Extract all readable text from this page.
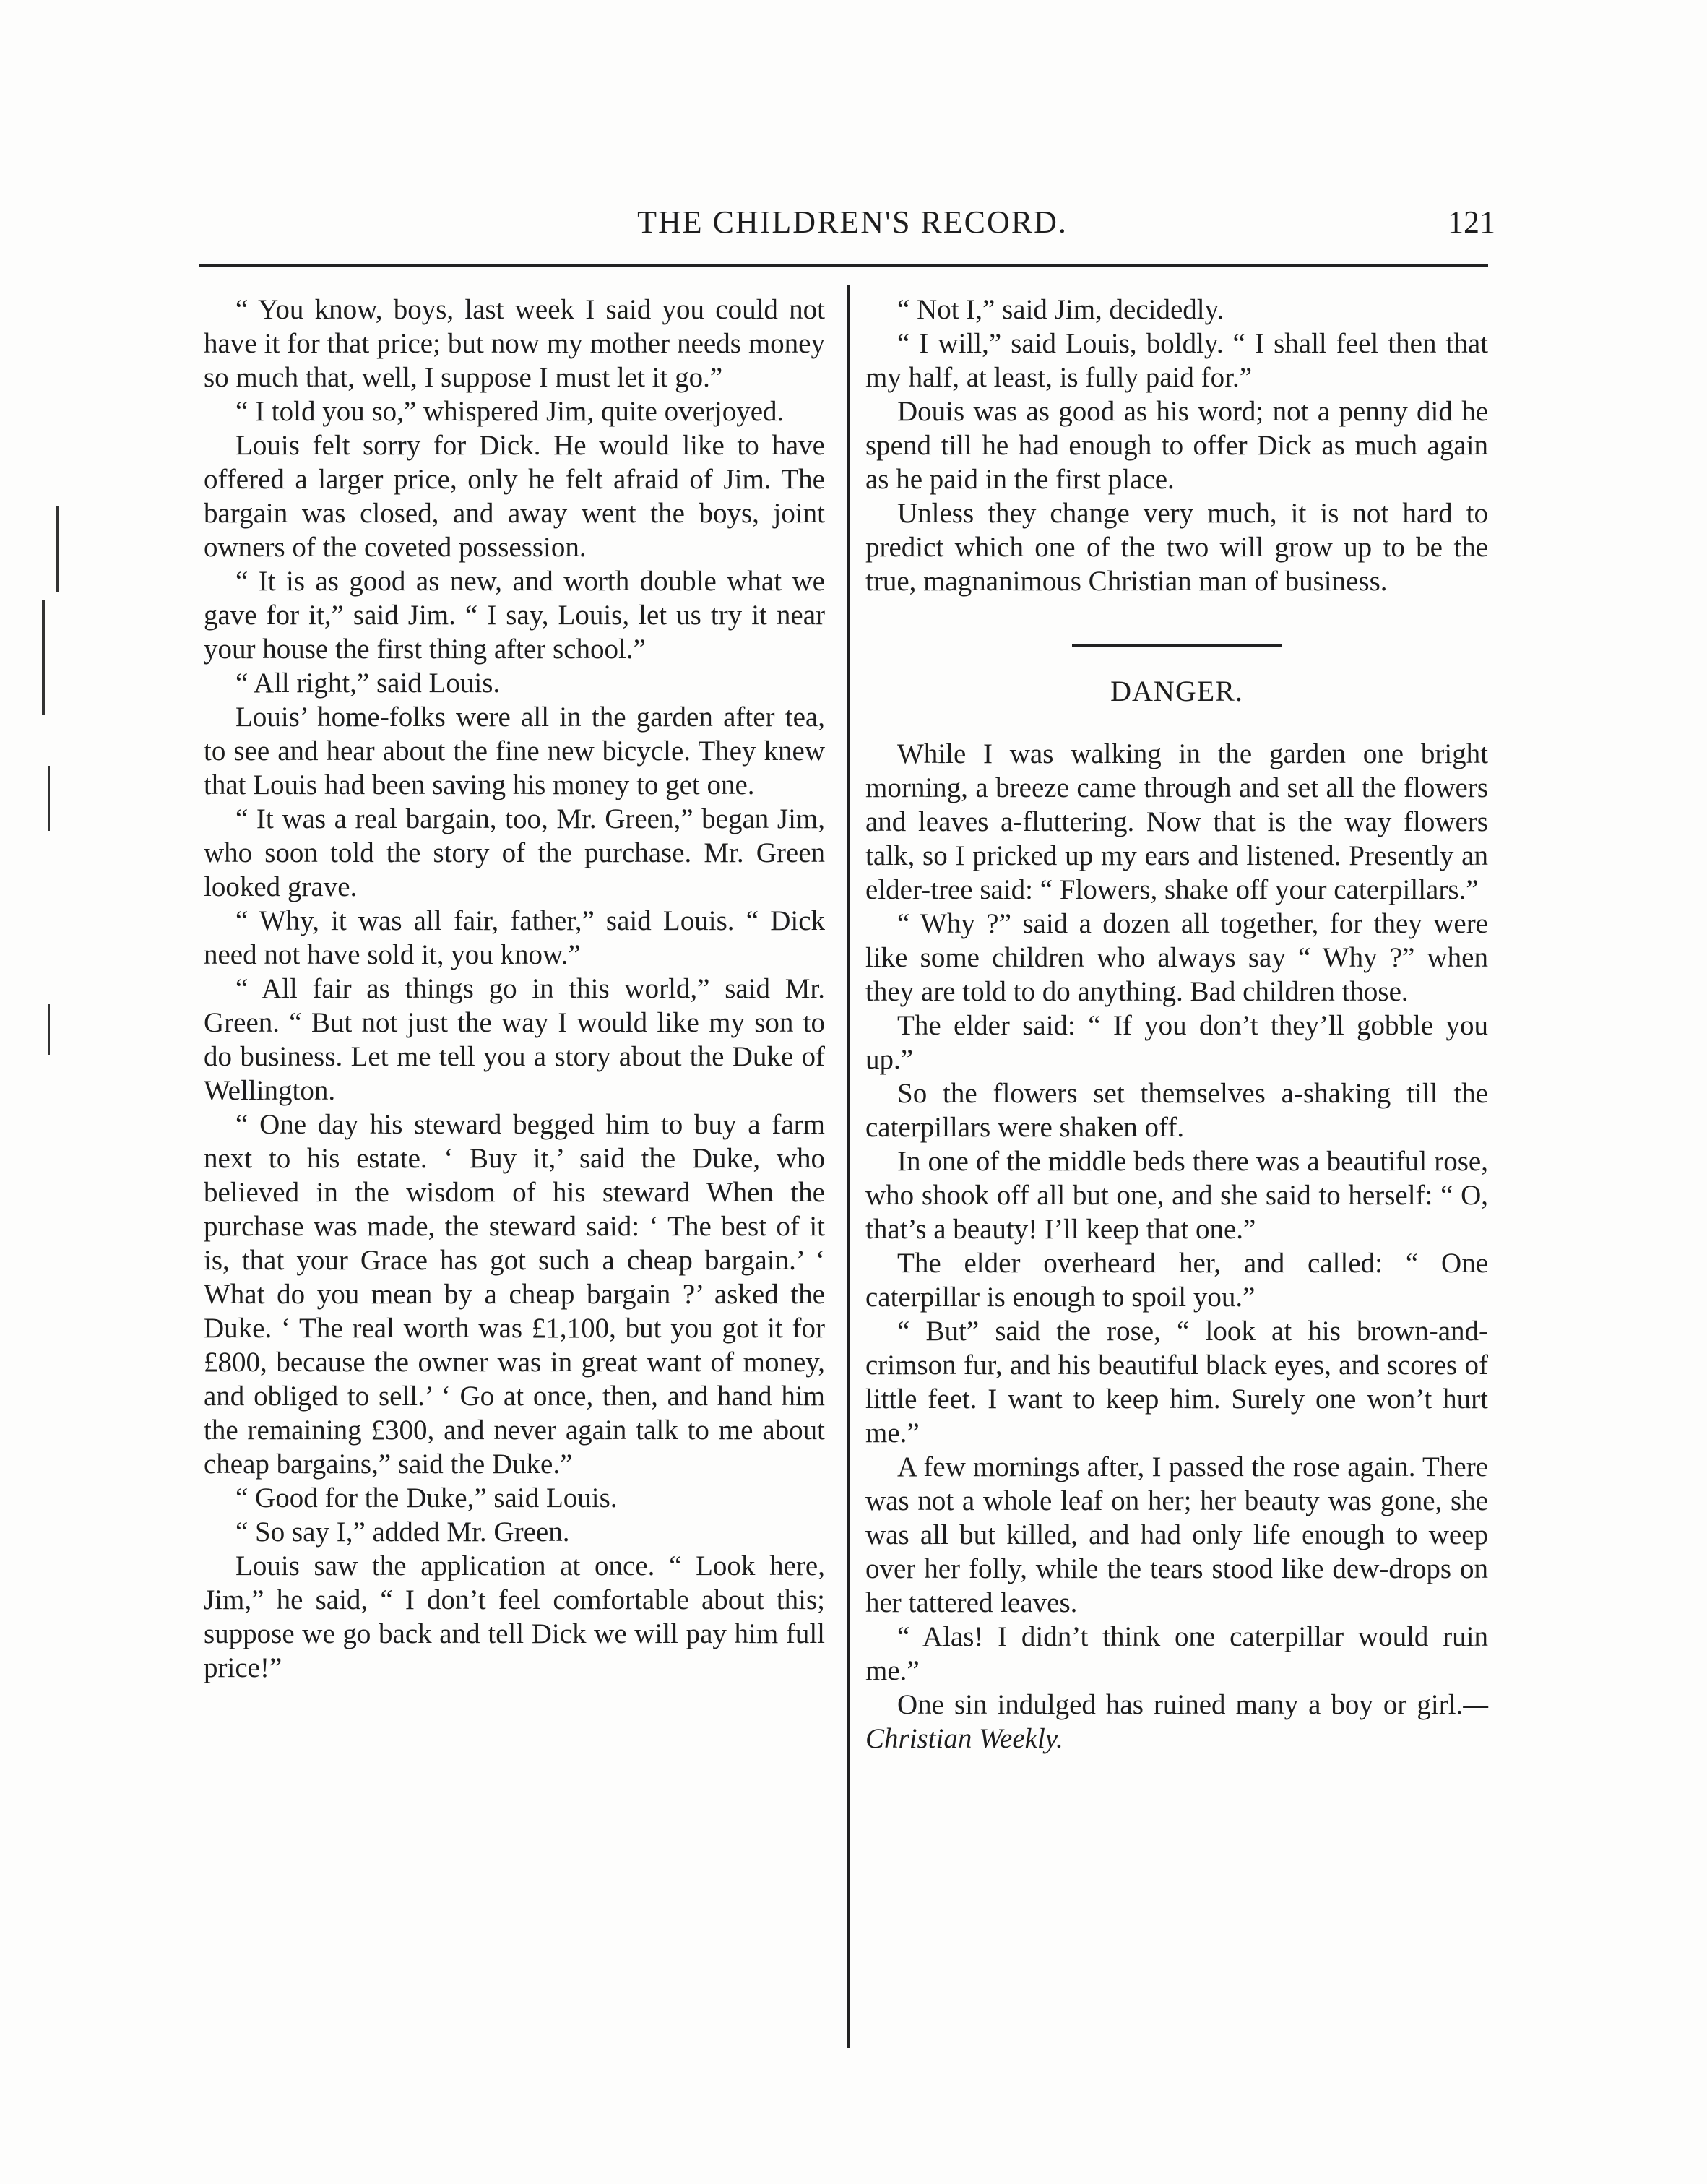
THE CHILDREN'S RECORD.	121

“ You know, boys, last week I said you could not have it for that price; but now my mother needs money so much that, well, I suppose I must let it go.”

“ I told you so,” whispered Jim, quite overjoyed.

Louis felt sorry for Dick. He would like to have offered a larger price, only he felt afraid of Jim. The bargain was closed, and away went the boys, joint owners of the coveted possession.

“ It is as good as new, and worth double what we gave for it,” said Jim. “ I say, Louis, let us try it near your house the first thing after school.”

“ All right,” said Louis.

Louis’ home-folks were all in the garden after tea, to see and hear about the fine new bicycle. They knew that Louis had been saving his money to get one.

“ It was a real bargain, too, Mr. Green,” began Jim, who soon told the story of the purchase. Mr. Green looked grave.

“ Why, it was all fair, father,” said Louis. “ Dick need not have sold it, you know.”

“ All fair as things go in this world,” said Mr. Green. “ But not just the way I would like my son to do business. Let me tell you a story about the Duke of Wellington.

“ One day his steward begged him to buy a farm next to his estate. ‘ Buy it,’ said the Duke, who believed in the wisdom of his steward When the purchase was made, the steward said: ‘ The best of it is, that your Grace has got such a cheap bargain.’ ‘ What do you mean by a cheap bargain ?’ asked the Duke. ‘ The real worth was £1,100, but you got it for £800, because the owner was in great want of money, and obliged to sell.’ ‘ Go at once, then, and hand him the remaining £300, and never again talk to me about cheap bargains,” said the Duke.”

“ Good for the Duke,” said Louis.

“ So say I,” added Mr. Green.

Louis saw the application at once. “ Look here, Jim,” he said, “ I don’t feel comfortable about this; suppose we go back and tell Dick we will pay him full price!”

“ Not I,” said Jim, decidedly.

“ I will,” said Louis, boldly. “ I shall feel then that my half, at least, is fully paid for.”

Douis was as good as his word; not a penny did he spend till he had enough to offer Dick as much again as he paid in the first place.

Unless they change very much, it is not hard to predict which one of the two will grow up to be the true, magnanimous Christian man of business.

DANGER.

While I was walking in the garden one bright morning, a breeze came through and set all the flowers and leaves a-fluttering. Now that is the way flowers talk, so I pricked up my ears and listened. Presently an elder-tree said: “ Flowers, shake off your caterpillars.”

“ Why ?” said a dozen all together, for they were like some children who always say “ Why ?” when they are told to do anything. Bad children those.

The elder said: “ If you don’t they’ll gobble you up.”

So the flowers set themselves a-shaking till the caterpillars were shaken off.

In one of the middle beds there was a beautiful rose, who shook off all but one, and she said to herself: “ O, that’s a beauty! I’ll keep that one.”

The elder overheard her, and called: “ One caterpillar is enough to spoil you.”

“ But” said the rose, “ look at his brown-and-crimson fur, and his beautiful black eyes, and scores of little feet. I want to keep him. Surely one won’t hurt me.”

A few mornings after, I passed the rose again. There was not a whole leaf on her; her beauty was gone, she was all but killed, and had only life enough to weep over her folly, while the tears stood like dew-drops on her tattered leaves.

“ Alas! I didn’t think one caterpillar would ruin me.”

One sin indulged has ruined many a boy or girl.— Christian Weekly.
